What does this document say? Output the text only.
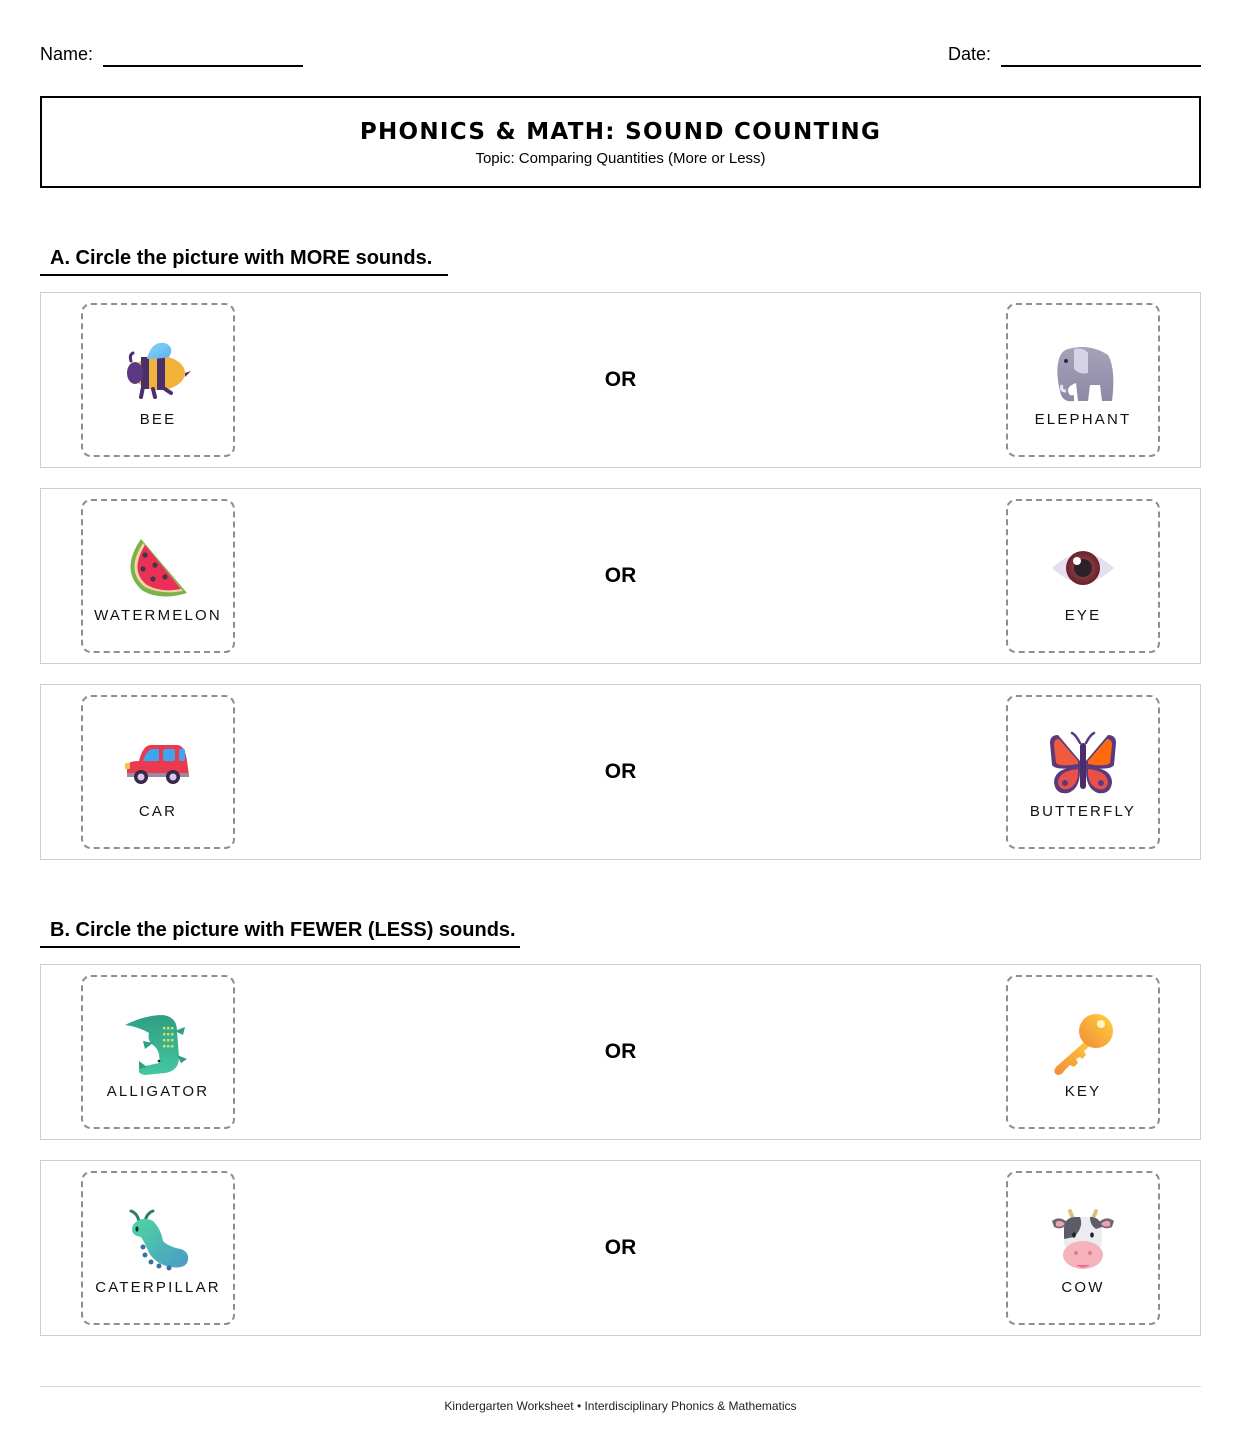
Name:	Date:
PHONICS & MATH: SOUND COUNTING
Topic: Comparing Quantities (More or Less)
A. Circle the picture with MORE sounds.
BEE
OR
ELEPHANT
WATERMELON
OR
EYE
CAR
OR
BUTTERFLY
B. Circle the picture with FEWER (LESS) sounds.
ALLIGATOR
OR
KEY
CATERPILLAR
OR
COW
Kindergarten Worksheet • Interdisciplinary Phonics & Mathematics
